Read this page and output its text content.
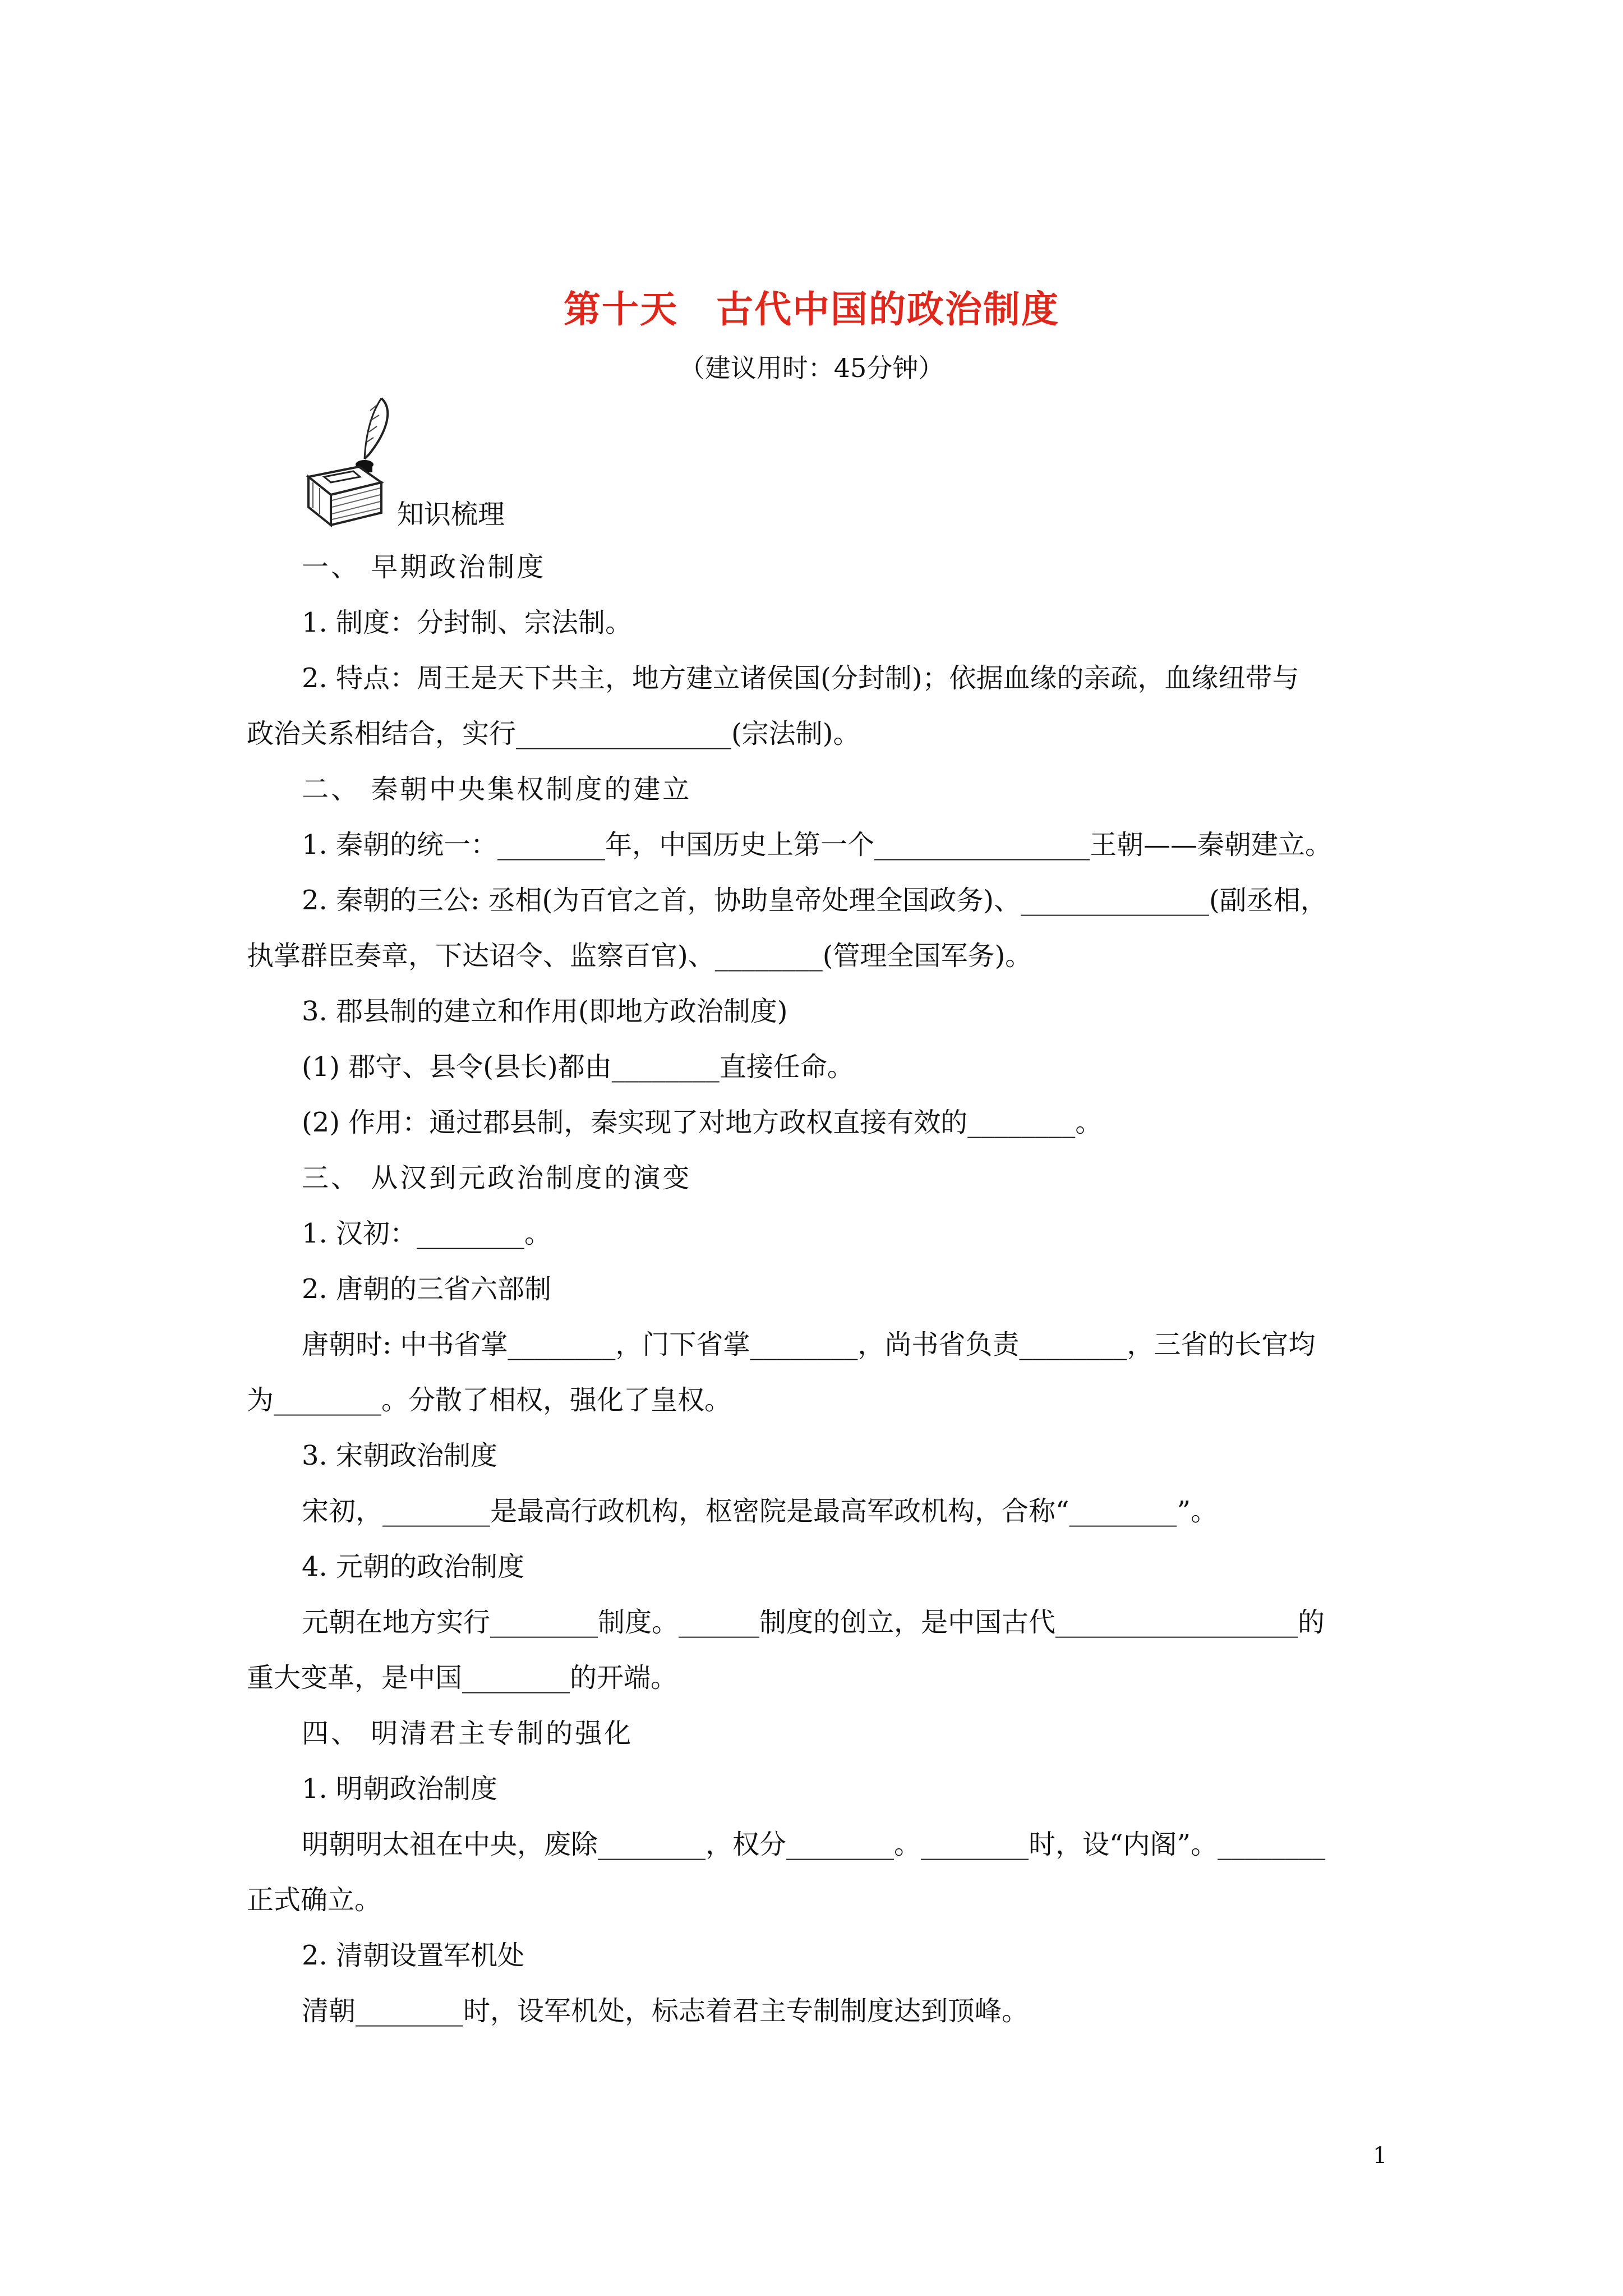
第十天　古代中国的政治制度
（建议用时：45分钟）
知识梳理
一、 早期政治制度
1. 制度：分封制、宗法制。
2. 特点：周王是天下共主，地方建立诸侯国(分封制)；依据血缘的亲疏，血缘纽带与
政治关系相结合，实行________________(宗法制)。
二、 秦朝中央集权制度的建立
1. 秦朝的统一：________年，中国历史上第一个________________王朝——秦朝建立。
2. 秦朝的三公: 丞相(为百官之首，协助皇帝处理全国政务)、______________(副丞相，
执掌群臣奏章，下达诏令、监察百官)、________(管理全国军务)。
3. 郡县制的建立和作用(即地方政治制度)
(1) 郡守、县令(县长)都由________直接任命。
(2) 作用：通过郡县制，秦实现了对地方政权直接有效的________。
三、 从汉到元政治制度的演变
1. 汉初：________。
2. 唐朝的三省六部制
唐朝时: 中书省掌________，门下省掌________，尚书省负责________，三省的长官均
为________。分散了相权，强化了皇权。
3. 宋朝政治制度
宋初，________是最高行政机构，枢密院是最高军政机构，合称“________”。
4. 元朝的政治制度
元朝在地方实行________制度。______制度的创立，是中国古代__________________的
重大变革，是中国________的开端。
四、 明清君主专制的强化
1. 明朝政治制度
明朝明太祖在中央，废除________，权分________。________时，设“内阁”。________
正式确立。
2. 清朝设置军机处
清朝________时，设军机处，标志着君主专制制度达到顶峰。
1
